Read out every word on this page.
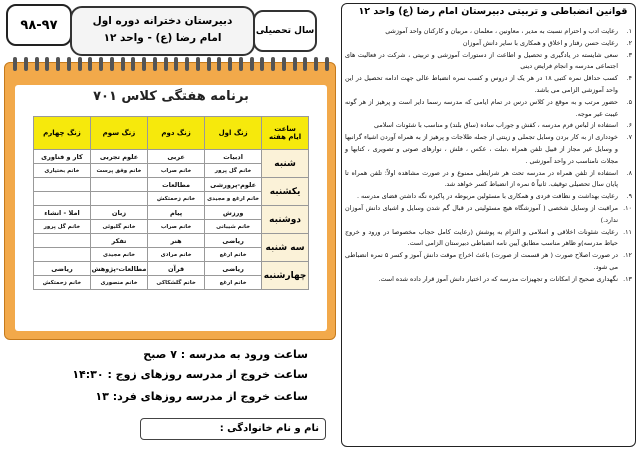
۹۸-۹۷	دبیرستان دخترانه دوره اول
امام رضا (ع) - واحد ۱۲
سال تحصیلی
برنامه هفتگی کلاس ۷۰۱
ساعت
ایام هفته	زنگ اول	زنگ دوم	زنگ سوم	زنگ چهارم
شنبه	ادبیات	عربی	علوم تجربی	کار و فناوری
	خانم گل پرور	خانم صراب	خانم وفق پرست	خانم بختیاری
یکشنبه	علوم-پرورشی	مطالعات		
	خانم ارغع و مجیدی	خانم زحمتکش		
دوشنبه	ورزش	پیام	زبان	املا - انشاء
	خانم شیبانی	خانم صراب	خانم گلبوئی	خانم گل پرور
سه شنبه	ریاضی	هنر	تفکر	
	خانم ارغع	خانم مرادی	خانم مجیدی	
چهارشنبه	ریاضی	قرآن	مطالعات-پژوهش	ریاضی
	خانم ارغع	خانم گلشکاکی	خانم منصوری	خانم زحمتکش
ساعت ورود به مدرسه : ۷ صبح
ساعت خروج از مدرسه روزهای زوج : ۱۴:۳۰
ساعت خروج از مدرسه روزهای فرد: ۱۳
نام و نام خانوادگی :
قوانین انضباطی و تربیتی دبیرستان امام رضا (ع) واحد ۱۲
۱.
رعایت ادب و احترام نسبت به مدیر ، معاونین ، معلمان ، مربیان و کارکنان واحد آموزشی
۲.
رعایت حسن رفتار و اخلاق و همکاری با سایر دانش آموزان
۳.
سعی شایسته در یادگیری و تحصیل و اطاعت از دستورات آموزشی و تربیتی ، شرکت در فعالیت های اجتماعی مدرسه و انجام فرایض دینی
۴.
کسب حداقل نمره کتبی ۱۸ در هر یک از دروس و کسب نمره انضباط عالی جهت ادامه تحصیل در این واحد آموزشی الزامی می باشد.
۵.
حضور مرتب و به موقع در کلاس درس در تمام ایامی که مدرسه رسما دایر است و پرهیز از هر گونه غیبت غیر موجه.
۶.
استفاده از لباس فرم مدرسه ، کفش و جوراب ساده (ساق بلند) و مناسب با شئونات اسلامی
۷.
خودداری از به کار بردن وسایل تجملی و زینتی از جمله طلاجات و پرهیز از به همراه آوردن اشیاء گرانبها و وسایل غیر مجاز از قبیل تلفن همراه ،تبلت ، عکس ، فلش ، نوارهای صوتی و تصویری ، کتابها و مجلات نامناسب در واحد آموزشی .
۸.
استفاده از تلفن همراه در مدرسه تحت هر شرایطی ممنوع و در صورت مشاهده اولاً: تلفن همراه تا پایان سال تحصیلی توقیف. ثانیاً ۵ نمره از انضباط کسر خواهد شد.
۹.
رعایت بهداشت و نظافت فردی و همکاری با مسئولین مربوطه در پاکیزه نگه داشتن فضای مدرسه .
۱۰.
مراقبت از وسایل شخصی ( آموزشگاه هیچ مسئولیتی در قبال گم شدن وسایل و اشیای دانش آموزان ندارد.)
۱۱.
رعایت شئونات اخلاقی و اسلامی و التزام به پوشش (رعایت کامل حجاب مخصوصا در ورود و خروج حیاط مدرسه)و ظاهر مناسب مطابق آیین نامه انضباطی دبیرستان الزامی است.
۱۲.
در صورت اصلاح صورت ( هر قسمت از صورت) باعث اخراج موقت دانش آموز و کسر ۵ نمره انضباطی می شود.
۱۳.
نگهداری صحیح از امکانات و تجهیزات مدرسه که در اختیار دانش آموز قرار داده شده است.
